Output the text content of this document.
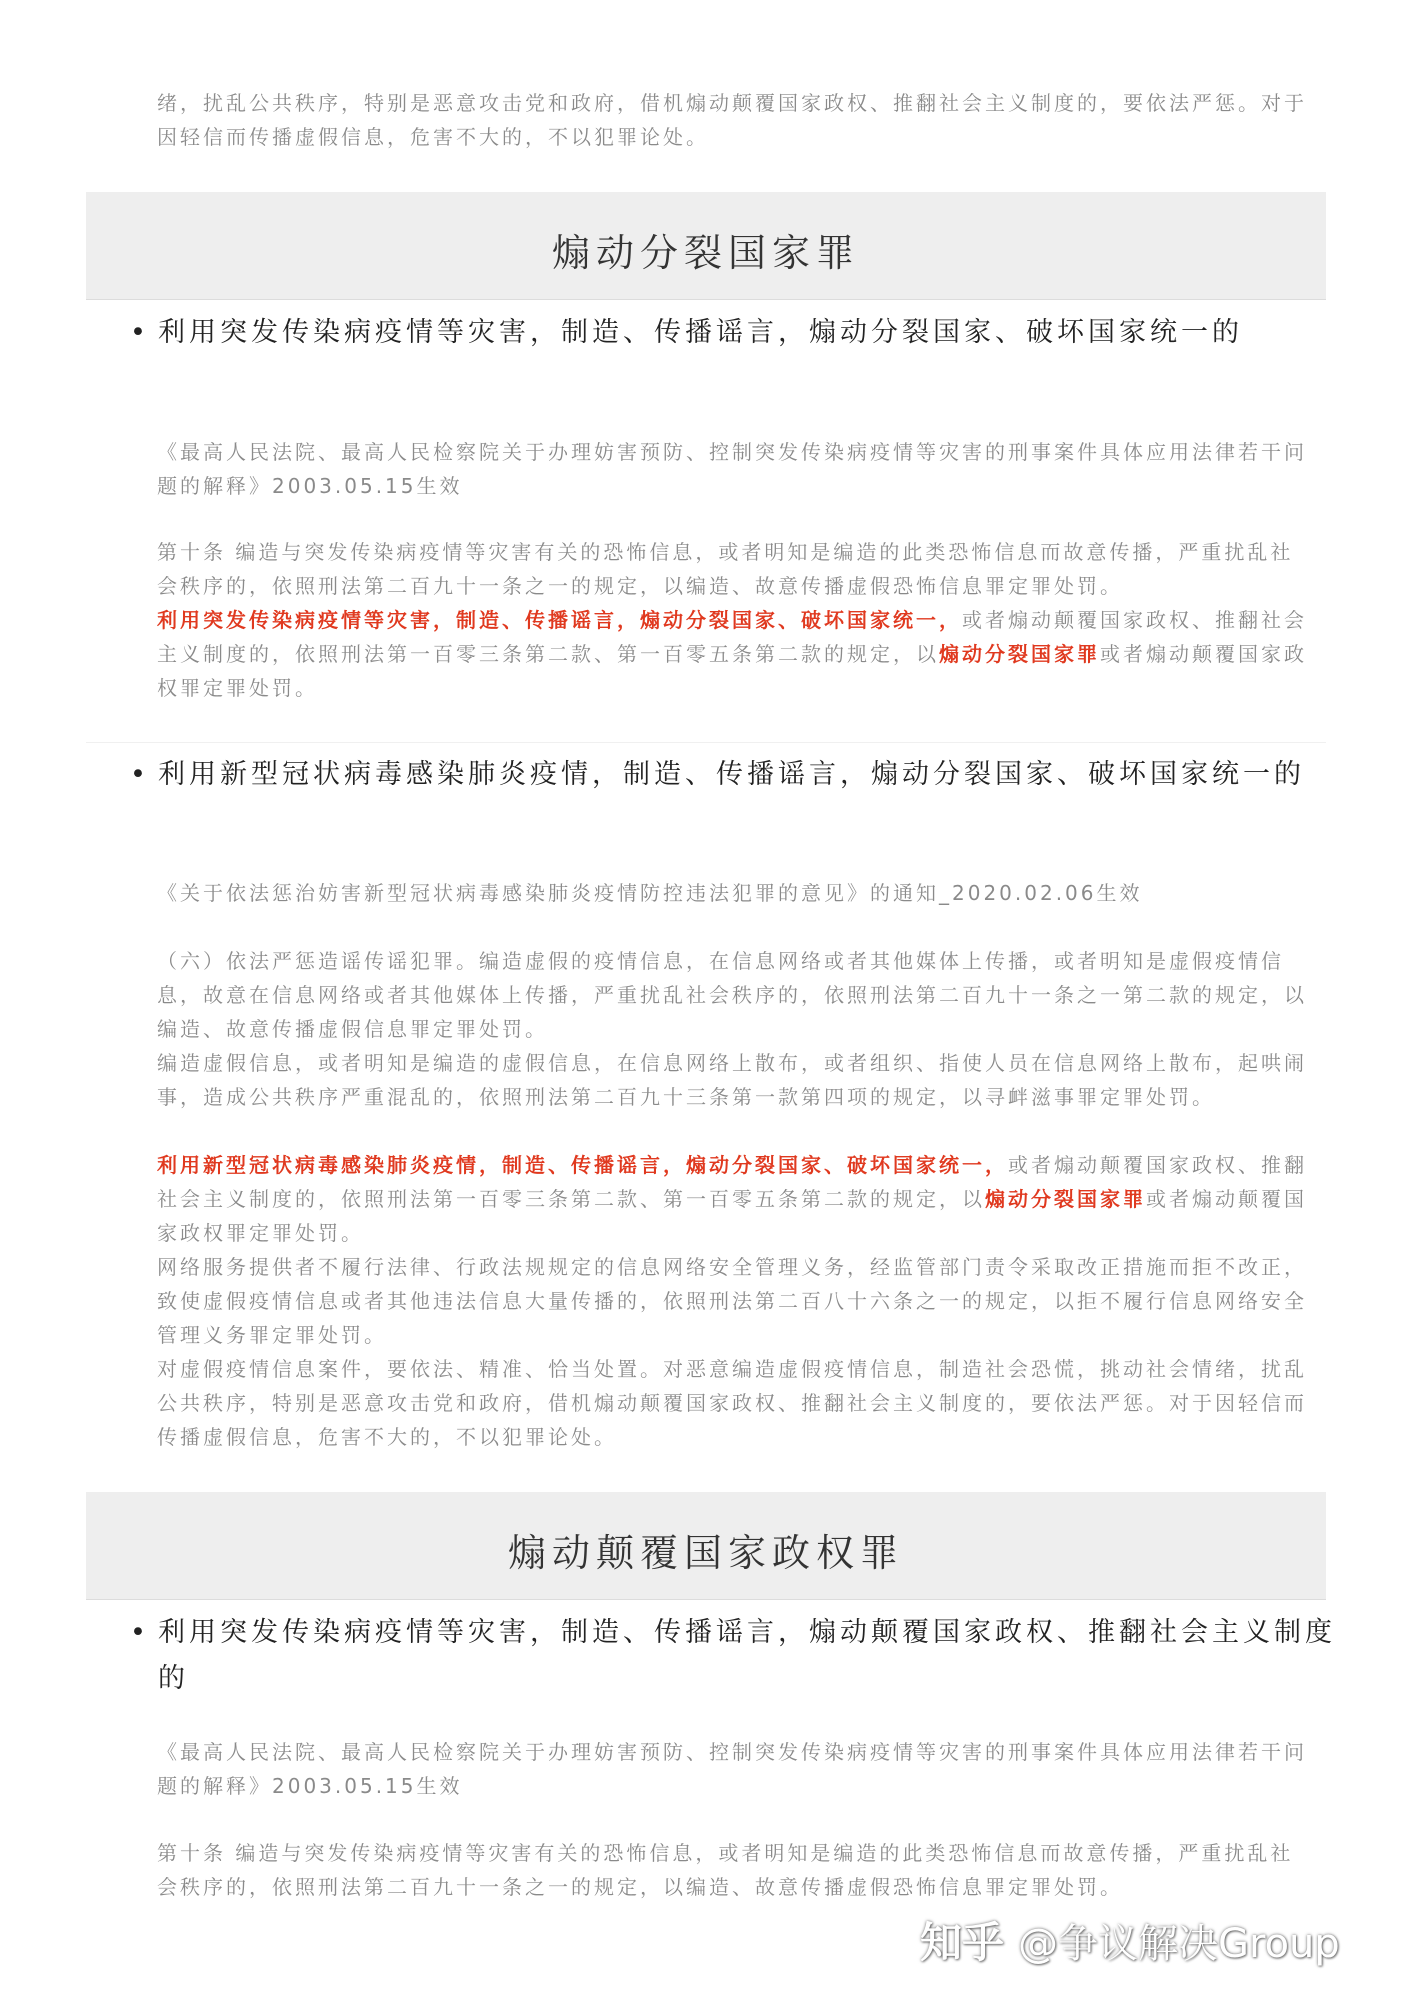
绪，扰乱公共秩序，特别是恶意攻击党和政府，借机煽动颠覆国家政权、推翻社会主义制度的，要依法严惩。对于因轻信而传播虚假信息，危害不大的，不以犯罪论处。

煽动分裂国家罪
• 利用突发传染病疫情等灾害，制造、传播谣言，煽动分裂国家、破坏国家统一的

《最高人民法院、最高人民检察院关于办理妨害预防、控制突发传染病疫情等灾害的刑事案件具体应用法律若干问题的解释》2003.05.15生效

第十条 编造与突发传染病疫情等灾害有关的恐怖信息，或者明知是编造的此类恐怖信息而故意传播，严重扰乱社会秩序的，依照刑法第二百九十一条之一的规定，以编造、故意传播虚假恐怖信息罪定罪处罚。

利用突发传染病疫情等灾害，制造、传播谣言，煽动分裂国家、破坏国家统一，或者煽动颠覆国家政权、推翻社会主义制度的，依照刑法第一百零三条第二款、第一百零五条第二款的规定，以煽动分裂国家罪或者煽动颠覆国家政权罪定罪处罚。

• 利用新型冠状病毒感染肺炎疫情，制造、传播谣言，煽动分裂国家、破坏国家统一的

《关于依法惩治妨害新型冠状病毒感染肺炎疫情防控违法犯罪的意见》的通知_2020.02.06生效

（六）依法严惩造谣传谣犯罪。编造虚假的疫情信息，在信息网络或者其他媒体上传播，或者明知是虚假疫情信息，故意在信息网络或者其他媒体上传播，严重扰乱社会秩序的，依照刑法第二百九十一条之一第二款的规定，以编造、故意传播虚假信息罪定罪处罚。

编造虚假信息，或者明知是编造的虚假信息，在信息网络上散布，或者组织、指使人员在信息网络上散布，起哄闹事，造成公共秩序严重混乱的，依照刑法第二百九十三条第一款第四项的规定，以寻衅滋事罪定罪处罚。

利用新型冠状病毒感染肺炎疫情，制造、传播谣言，煽动分裂国家、破坏国家统一，或者煽动颠覆国家政权、推翻社会主义制度的，依照刑法第一百零三条第二款、第一百零五条第二款的规定，以煽动分裂国家罪或者煽动颠覆国家政权罪定罪处罚。

网络服务提供者不履行法律、行政法规规定的信息网络安全管理义务，经监管部门责令采取改正措施而拒不改正，致使虚假疫情信息或者其他违法信息大量传播的，依照刑法第二百八十六条之一的规定，以拒不履行信息网络安全管理义务罪定罪处罚。

对虚假疫情信息案件，要依法、精准、恰当处置。对恶意编造虚假疫情信息，制造社会恐慌，挑动社会情绪，扰乱公共秩序，特别是恶意攻击党和政府，借机煽动颠覆国家政权、推翻社会主义制度的，要依法严惩。对于因轻信而传播虚假信息，危害不大的，不以犯罪论处。

煽动颠覆国家政权罪
• 利用突发传染病疫情等灾害，制造、传播谣言，煽动颠覆国家政权、推翻社会主义制度的

《最高人民法院、最高人民检察院关于办理妨害预防、控制突发传染病疫情等灾害的刑事案件具体应用法律若干问题的解释》2003.05.15生效

第十条 编造与突发传染病疫情等灾害有关的恐怖信息，或者明知是编造的此类恐怖信息而故意传播，严重扰乱社会秩序的，依照刑法第二百九十一条之一的规定，以编造、故意传播虚假恐怖信息罪定罪处罚。

知乎 @争议解决Group
